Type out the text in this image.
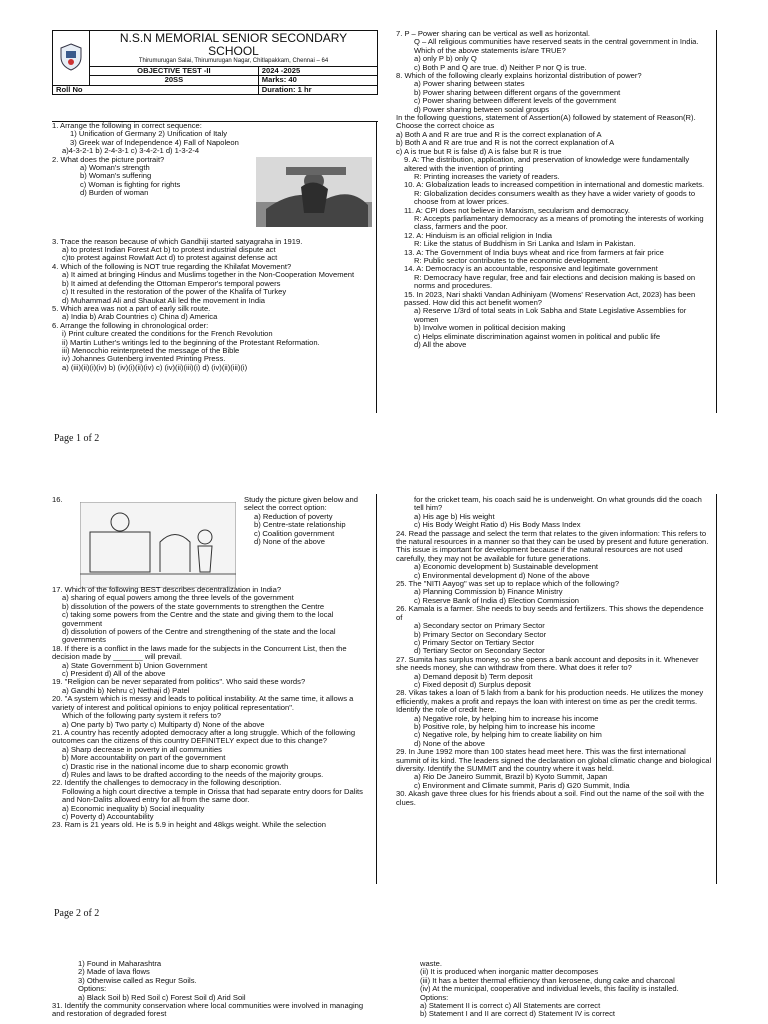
N.S.N MEMORIAL SENIOR SECONDARY
SCHOOL
Thirumurugan Salai, Thirumurugan Nagar, Chitlapakkam, Chennai – 64	

	OBJECTIVE TEST -II	2024 -2025
	20SS	Marks: 40
Roll No		Duration: 1 hr

1. Arrange the following in correct sequence:

1) Unification of Germany 2) Unification of Italy

3) Greek war of Independence 4) Fall of Napoleon

a)4-3-2-1 b) 2-4-3-1 c) 3-4-2-1 d) 1-3-2-4

2. What does the picture portrait?

a) Woman's strength

b) Woman's suffering

c) Woman is fighting for rights

d) Burden of woman

3. Trace the reason because of which Gandhiji started satyagraha in 1919.

a) to protest Indian Forest Act b) to protest industrial dispute act

c)to protest against Rowlatt Act d) to protest against defense act

4. Which of the following is NOT true regarding the Khilafat Movement?

a) It aimed at bringing Hindus and Muslims together in the Non-Cooperation Movement

b) It aimed at defending the Ottoman Emperor's temporal powers

c) It resulted in the restoration of the power of the Khalifa of Turkey

d) Muhammad Ali and Shaukat Ali led the movement in India

5. Which area was not a part of early silk route.

a) India b) Arab Countries c) China d) America

6. Arrange the following in chronological order:

i) Print culture created the conditions for the French Revolution

ii) Martin Luther's writings led to the beginning of the Protestant Reformation.

iii) Menocchio reinterpreted the message of the Bible

iv) Johannes Gutenberg invented Printing Press.

a) (iii)(ii)(i)(iv) b) (iv)(i)(ii)(iv) c) (iv)(ii)(iii)(i) d) (iv)(ii)(iii)(i)

7. P – Power sharing can be vertical as well as horizontal.

Q – All religious communities have reserved seats in the central government in India.

Which of the above statements is/are TRUE?

a) only P b) only Q

c) Both P and Q are true. d) Neither P nor Q is true.

8. Which of the following clearly explains horizontal distribution of power?

a) Power sharing between states

b) Power sharing between different organs of the government

c) Power sharing between different levels of the government

d) Power sharing between social groups

In the following questions, statement of Assertion(A) followed by statement of Reason(R). Choose the correct choice as

a) Both A and R are true and R is the correct explanation of A

b) Both A and R are true and R is not the correct explanation of A

c) A is true but R is false d) A is false but R is true

9. A: The distribution, application, and preservation of knowledge were fundamentally altered with the invention of printing

R: Printing increases the variety of readers.

10. A: Globalization leads to increased competition in international and domestic markets.

R: Globalization decides consumers wealth as they have a wider variety of goods to choose from at lower prices.

11. A: CPI does not believe in Marxism, secularism and democracy.

R: Accepts parliamentary democracy as a means of promoting the interests of working class, farmers and the poor.

12. A: Hinduism is an official religion in India

R: Like the status of Buddhism in Sri Lanka and Islam in Pakistan.

13. A: The Government of India buys wheat and rice from farmers at fair price

R: Public sector contributes to the economic development.

14. A: Democracy is an accountable, responsive and legitimate government

R: Democracy have regular, free and fair elections and decision making is based on norms and procedures.

15. In 2023, Nari shakti Vandan Adhiniyam (Womens' Reservation Act, 2023) has been passed. How did this act benefit women?

a) Reserve 1/3rd of total seats in Lok Sabha and State Legislative Assemblies for women

b) Involve women in political decision making

c) Helps eliminate discrimination against women in political and public life

d) All the above

Page 1 of 2

16.	Study the picture given below and select the correct option:

a) Reduction of poverty

b) Centre-state relationship

c) Coalition government

d) None of the above

17. Which of the following BEST describes decentralization in India?

a) sharing of equal powers among the three levels of the government

b) dissolution of the powers of the state governments to strengthen the Centre

c) taking some powers from the Centre and the state and giving them to the local government

d) dissolution of powers of the Centre and strengthening of the state and the local governments

18. If there is a conflict in the laws made for the subjects in the Concurrent List, then the decision made by _______ will prevail.

a) State Government b) Union Government

c) President d) All of the above

19. "Religion can be never separated from politics". Who said these words?

a) Gandhi b) Nehru c) Nethaji d) Patel

20. "A system which is messy and leads to political instability. At the same time, it allows a variety of interest and political opinions to enjoy political representation".

Which of the following party system it refers to?

a) One party b) Two party c) Multiparty d) None of the above

21. A country has recently adopted democracy after a long struggle. Which of the following outcomes can the citizens of this country DEFINITELY expect due to this change?

a) Sharp decrease in poverty in all communities

b) More accountability on part of the government

c) Drastic rise in the national income due to sharp economic growth

d) Rules and laws to be drafted according to the needs of the majority groups.

22. Identify the challenges to democracy in the following description.

Following a high court directive a temple in Orissa that had separate entry doors for Dalits and Non-Dalits allowed entry for all from the same door.

a) Economic inequality b) Social inequality

c) Poverty d) Accountability

23. Ram is 21 years old. He is 5.9 in height and 48kgs weight. While the selection

for the cricket team, his coach said he is underweight. On what grounds did the coach tell him?

a) His age b) His weight

c) His Body Weight Ratio d) His Body Mass Index

24. Read the passage and select the term that relates to the given information: This refers to the natural resources in a manner so that they can be used by present and future generation. This issue is important for development because if the natural resources are not used carefully, they may not be available for future generations.

a) Economic development b) Sustainable development

c) Environmental development d) None of the above

25. The "NITI Aayog" was set up to replace which of the following?

a) Planning Commission b) Finance Ministry

c) Reserve Bank of India d) Election Commission

26. Kamala is a farmer. She needs to buy seeds and fertilizers. This shows the dependence of

a) Secondary sector on Primary Sector

b) Primary Sector on Secondary Sector

c) Primary Sector on Tertiary Sector

d) Tertiary Sector on Secondary Sector

27. Sumita has surplus money, so she opens a bank account and deposits in it. Whenever she needs money, she can withdraw from there. What does it refer to?

a) Demand deposit b) Term deposit

c) Fixed deposit d) Surplus deposit

28. Vikas takes a loan of 5 lakh from a bank for his production needs. He utilizes the money efficiently, makes a profit and repays the loan with interest on time as per the credit terms. Identify the role of credit here.

a) Negative role, by helping him to increase his income

b) Positive role, by helping him to increase his income

c) Negative role, by helping him to create liability on him

d) None of the above

29. In June 1992 more than 100 states head meet here. This was the first international summit of its kind. The leaders signed the declaration on global climatic change and biological diversity. Identify the SUMMIT and the country where it was held.

a) Rio De Janeiro Summit, Brazil b) Kyoto Summit, Japan

c) Environment and Climate summit, Paris d) G20 Summit, India

30. Akash gave three clues for his friends about a soil. Find out the name of the soil with the clues.

Page 2 of 2

1) Found in Maharashtra

2) Made of lava flows

3) Otherwise called as Regur Soils.

Options:

a) Black Soil b) Red Soil c) Forest Soil d) Arid Soil

31. Identify the community conservation where local communities were involved in managing and restoration of degraded forest

waste.

(ii) It is produced when inorganic matter decomposes

(iii) It has a better thermal efficiency than kerosene, dung cake and charcoal

(iv) At the municipal, cooperative and individual levels, this facility is installed.

Options:

a) Statement II is correct c) All Statements are correct

b) Statement I and II are correct d) Statement IV is correct
